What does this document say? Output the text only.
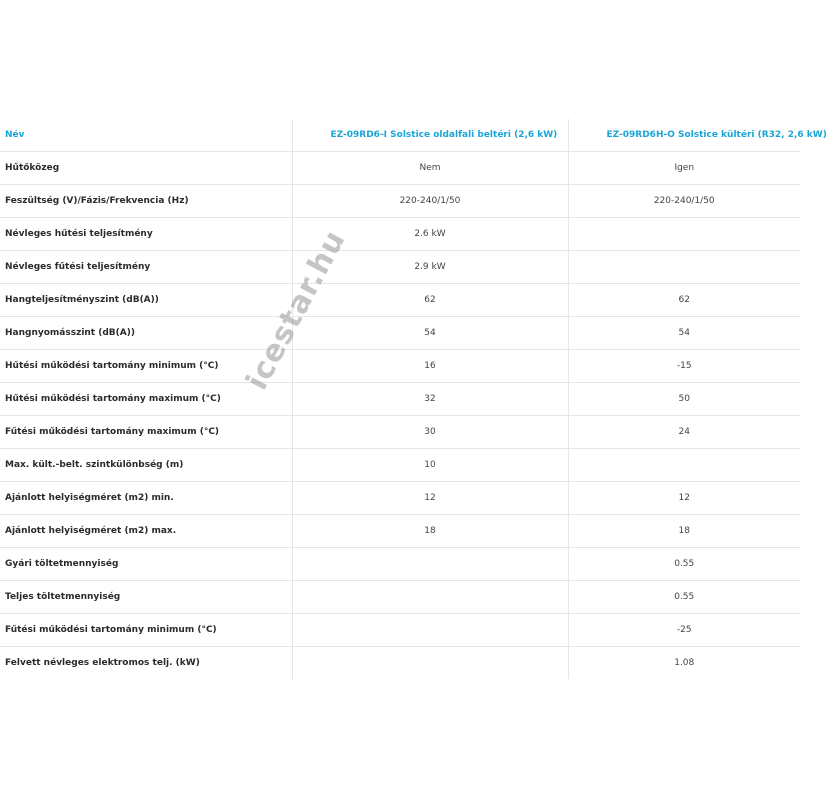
Név	EZ-09RD6-I Solstice oldalfali beltéri (2,6 kW)	EZ-09RD6H-O Solstice kültéri (R32, 2,6 kW)
Hűtőközeg	Nem	Igen
Feszültség (V)/Fázis/Frekvencia (Hz)	220-240/1/50	220-240/1/50
Névleges hűtési teljesítmény	2.6 kW	
Névleges fűtési teljesítmény	2.9 kW	
Hangteljesítményszint (dB(A))	62	62
Hangnyomásszint (dB(A))	54	54
Hűtési működési tartomány minimum (°C)	16	-15
Hűtési működési tartomány maximum (°C)	32	50
Fűtési működési tartomány maximum (°C)	30	24
Max. kült.-belt. szintkülönbség (m)	10	
Ajánlott helyiségméret (m2) min.	12	12
Ajánlott helyiségméret (m2) max.	18	18
Gyári töltetmennyiség		0.55
Teljes töltetmennyiség		0.55
Fűtési működési tartomány minimum (°C)		-25
Felvett névleges elektromos telj. (kW)		1.08
icestar.hu
